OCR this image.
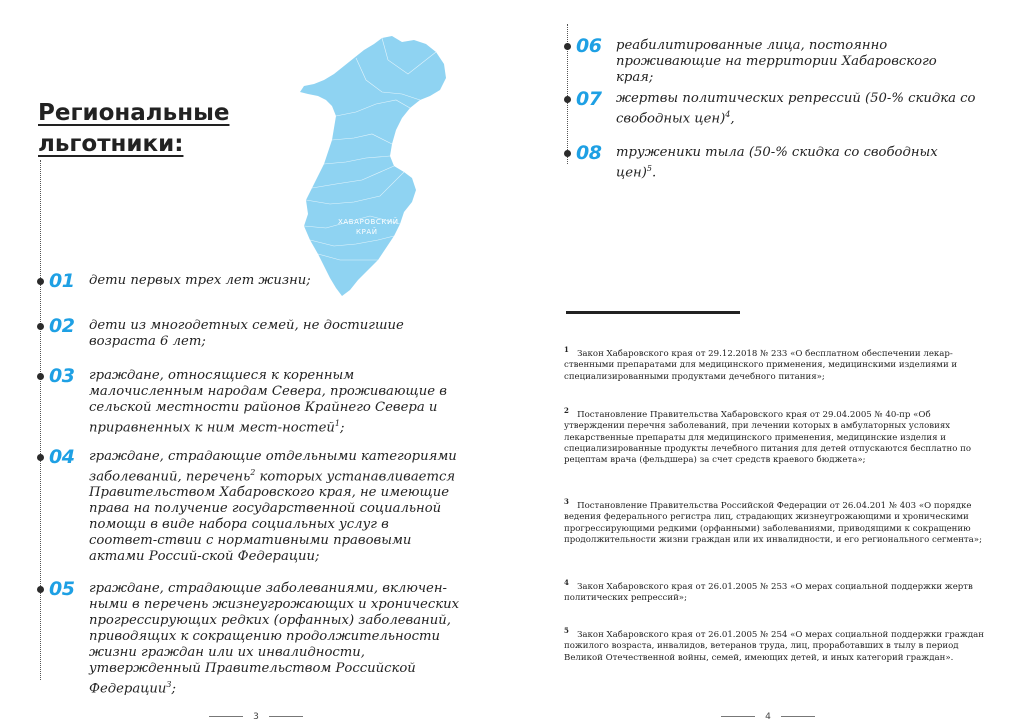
Региональные
льготники:
ХАБАРОВСКИЙ
КРАЙ
01 дети первых трех лет жизни;
02 дети из многодетных семей, не достигшие возраста 6 лет;
03 граждане, относящиеся к коренным малочисленным народам Севера, проживающие в сельской местности районов Крайнего Севера и приравненных к ним мест-ностей$^1$;
04 граждане, страдающие отдельными категориями заболеваний, перечень$^2$ которых устанавливается Правительством Хабаровского края, не имеющие права на получение государственной социальной помощи в виде набора социальных услуг в соответ-ствии с нормативными правовыми актами Россий-ской Федерации;
05 граждане, страдающие заболеваниями, включен-ными в перечень жизнеугрожающих и хронических прогрессирующих редких (орфанных) заболеваний, приводящих к сокращению продолжительности жизни граждан или их инвалидности, утвержденный Правительством Российской Федерации$^3$;
3
06 реабилитированные лица, постоянно проживающие на территории Хабаровского края;
07 жертвы политических репрессий (50-% скидка со свободных цен)$^4$,
08 труженики тыла (50-% скидка со свободных цен)$^5$.
$^1$ Закон Хабаровского края от 29.12.2018 № 233 «О бесплатном обеспечении лекар-ственными препаратами для медицинского применения, медицинскими изделиями и специализированными продуктами дечебного питания»;
$^2$ Постановление Правительства Хабаровского края от 29.04.2005 № 40-пр «Об утверждении перечня заболеваний, при лечении которых в амбулаторных условиях лекарственные препараты для медицинского применения, медицинские изделия и специализированные продукты лечебного питания для детей отпускаются бесплатно по рецептам врача (фельдшера) за счет средств краевого бюджета»;
$^3$ Постановление Правительства Российской Федерации от 26.04.201 № 403 «О порядке ведения федерального регистра лиц, страдающих жизнеугрожающими и хроническими прогрессирующими редкими (орфанными) заболеваниями, приводящими к сокращению продолжительности жизни граждан или их инвалидности, и его регионального сегмента»;
$^4$ Закон Хабаровского края от 26.01.2005 № 253 «О мерах социальной поддержки жертв политических репрессий»;
$^5$ Закон Хабаровского края от 26.01.2005 № 254 «О мерах социальной поддержки граждан пожилого возраста, инвалидов, ветеранов труда, лиц, проработавших в тылу в период Великой Отечественной войны, семей, имеющих детей, и иных категорий граждан».
4
